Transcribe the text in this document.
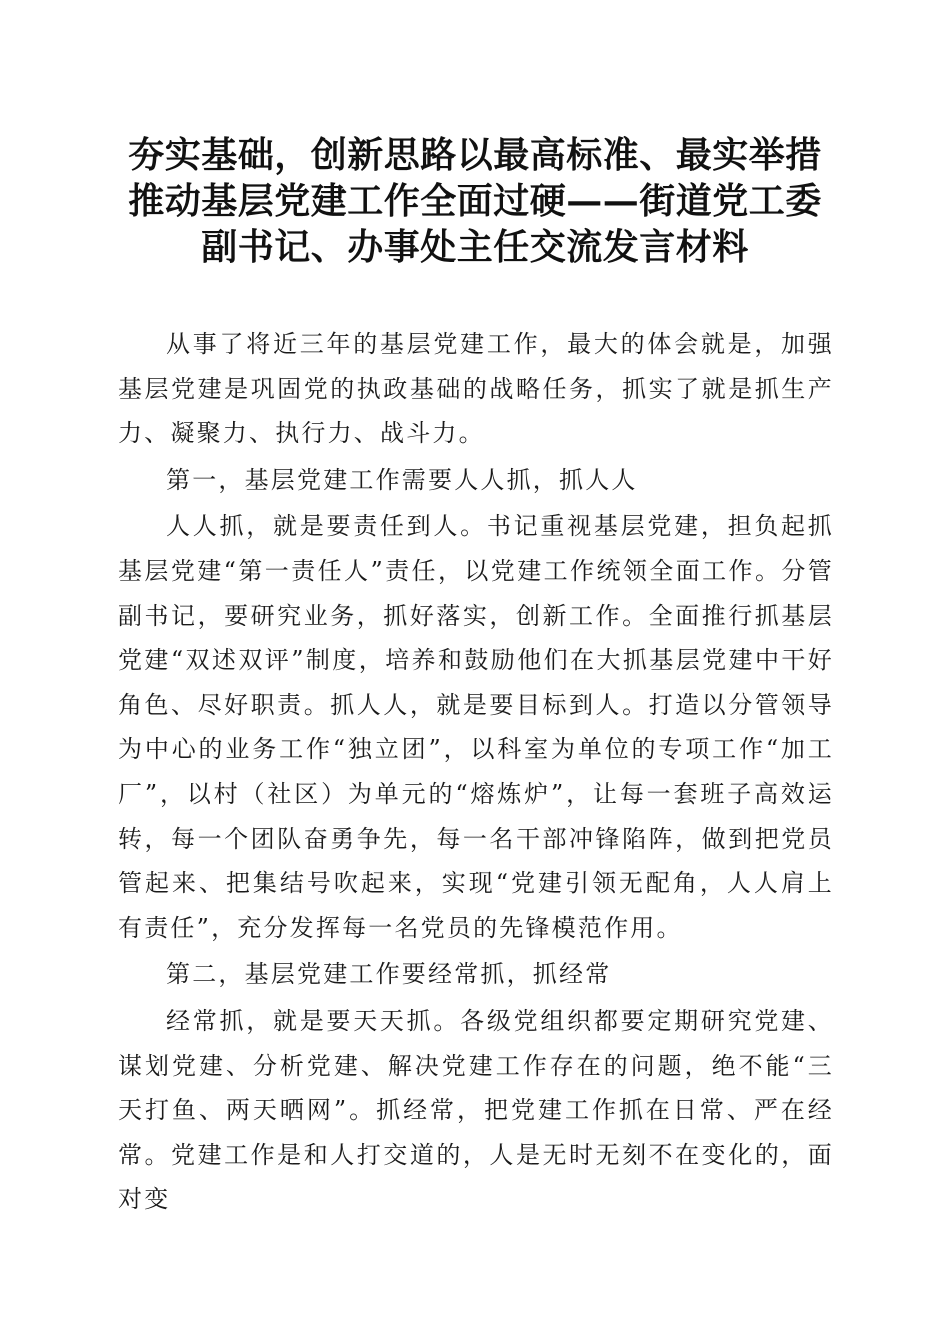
夯实基础，创新思路以最高标准、最实举措推动基层党建工作全面过硬——街道党工委副书记、办事处主任交流发言材料

从事了将近三年的基层党建工作，最大的体会就是，加强基层党建是巩固党的执政基础的战略任务，抓实了就是抓生产力、凝聚力、执行力、战斗力。

第一，基层党建工作需要人人抓，抓人人

人人抓，就是要责任到人。书记重视基层党建，担负起抓基层党建“第一责任人”责任，以党建工作统领全面工作。分管副书记，要研究业务，抓好落实，创新工作。全面推行抓基层党建“双述双评”制度，培养和鼓励他们在大抓基层党建中干好角色、尽好职责。抓人人，就是要目标到人。打造以分管领导为中心的业务工作“独立团”，以科室为单位的专项工作“加工厂”，以村（社区）为单元的“熔炼炉”，让每一套班子高效运转，每一个团队奋勇争先，每一名干部冲锋陷阵，做到把党员管起来、把集结号吹起来，实现“党建引领无配角，人人肩上有责任”，充分发挥每一名党员的先锋模范作用。

第二，基层党建工作要经常抓，抓经常

经常抓，就是要天天抓。各级党组织都要定期研究党建、谋划党建、分析党建、解决党建工作存在的问题，绝不能“三天打鱼、两天晒网”。抓经常，把党建工作抓在日常、严在经常。党建工作是和人打交道的，人是无时无刻不在变化的，面对变
